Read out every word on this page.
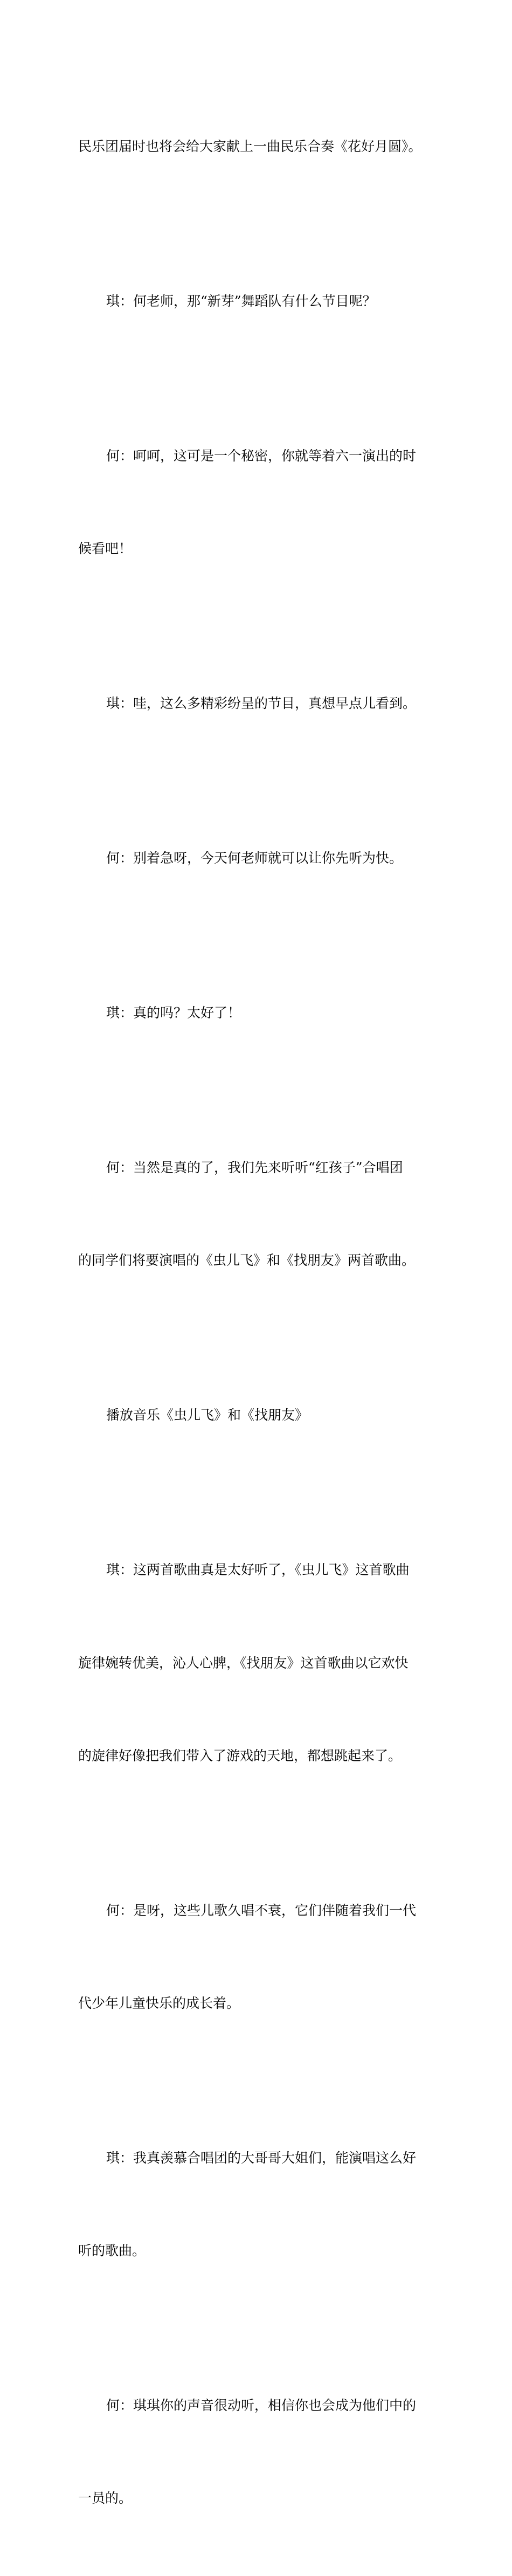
民乐团届时也将会给大家献上一曲民乐合奏《花好月圆》。

琪：何老师，那“新芽”舞蹈队有什么节目呢？

何：呵呵，这可是一个秘密，你就等着六一演出的时

候看吧！

琪：哇，这么多精彩纷呈的节目，真想早点儿看到。

何：别着急呀，今天何老师就可以让你先听为快。

琪：真的吗？太好了！

何：当然是真的了，我们先来听听“红孩子”合唱团

的同学们将要演唱的《虫儿飞》和《找朋友》两首歌曲。

播放音乐《虫儿飞》和《找朋友》

琪：这两首歌曲真是太好听了，《虫儿飞》这首歌曲

旋律婉转优美，沁人心脾，《找朋友》这首歌曲以它欢快

的旋律好像把我们带入了游戏的天地，都想跳起来了。

何：是呀，这些儿歌久唱不衰，它们伴随着我们一代

代少年儿童快乐的成长着。

琪：我真羡慕合唱团的大哥哥大姐们，能演唱这么好

听的歌曲。

何：琪琪你的声音很动听，相信你也会成为他们中的

一员的。
